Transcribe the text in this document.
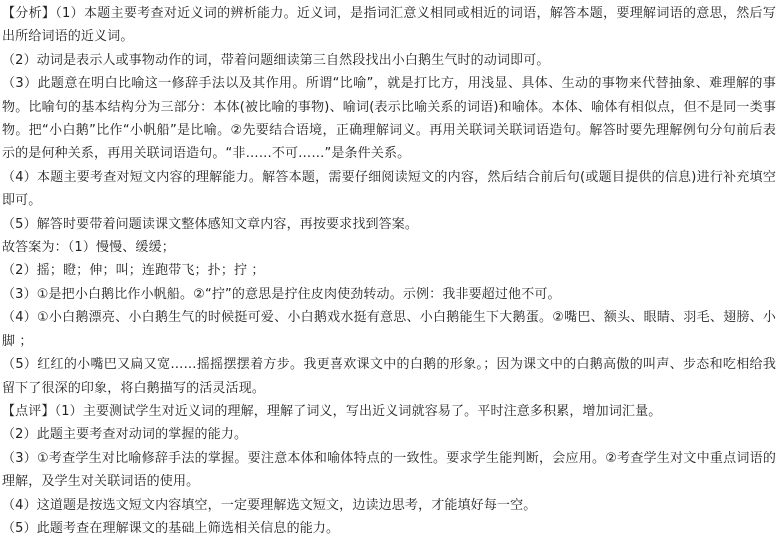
【分析】（1）本题主要考查对近义词的辨析能力。近义词，是指词汇意义相同或相近的词语，解答本题，要理解词语的意思，然后写出所给词语的近义词。

（2）动词是表示人或事物动作的词，带着问题细读第三自然段找出小白鹅生气时的动词即可。

（3）此题意在明白比喻这一修辞手法以及其作用。所谓“比喻”，就是打比方，用浅显、具体、生动的事物来代替抽象、难理解的事物。比喻句的基本结构分为三部分：本体(被比喻的事物)、喻词(表示比喻关系的词语)和喻体。本体、喻体有相似点，但不是同一类事物。把“小白鹅”比作“小帆船”是比喻。②先要结合语境，正确理解词义。再用关联词关联词语造句。解答时要先理解例句分句前后表示的是何种关系，再用关联词语造句。“非……不可……”是条件关系。

（4）本题主要考查对短文内容的理解能力。解答本题，需要仔细阅读短文的内容，然后结合前后句(或题目提供的信息)进行补充填空即可。

（5）解答时要带着问题读课文整体感知文章内容，再按要求找到答案。

故答案为：（1）慢慢、缓缓；

（2）摇；瞪；伸；叫；连跑带飞；扑；拧 ；

（3）①是把小白鹅比作小帆船。②“拧”的意思是拧住皮肉使劲转动。示例：我非要超过他不可。

（4）①小白鹅漂亮、小白鹅生气的时候挺可爱、小白鹅戏水挺有意思、小白鹅能生下大鹅蛋。②嘴巴、额头、眼睛、羽毛、翅膀、小脚 ；

（5）红红的小嘴巴又扁又宽……摇摇摆摆着方步。我更喜欢课文中的白鹅的形象。；因为课文中的白鹅高傲的叫声、步态和吃相给我留下了很深的印象，将白鹅描写的活灵活现。

【点评】（1）主要测试学生对近义词的理解，理解了词义，写出近义词就容易了。平时注意多积累，增加词汇量。

（2）此题主要考查对动词的掌握的能力。

（3）①考查学生对比喻修辞手法的掌握。要注意本体和喻体特点的一致性。要求学生能判断，会应用。②考查学生对文中重点词语的理解，及学生对关联词语的使用。

（4）这道题是按选文短文内容填空，一定要理解选文短文，边读边思考，才能填好每一空。

（5）此题考查在理解课文的基础上筛选相关信息的能力。
